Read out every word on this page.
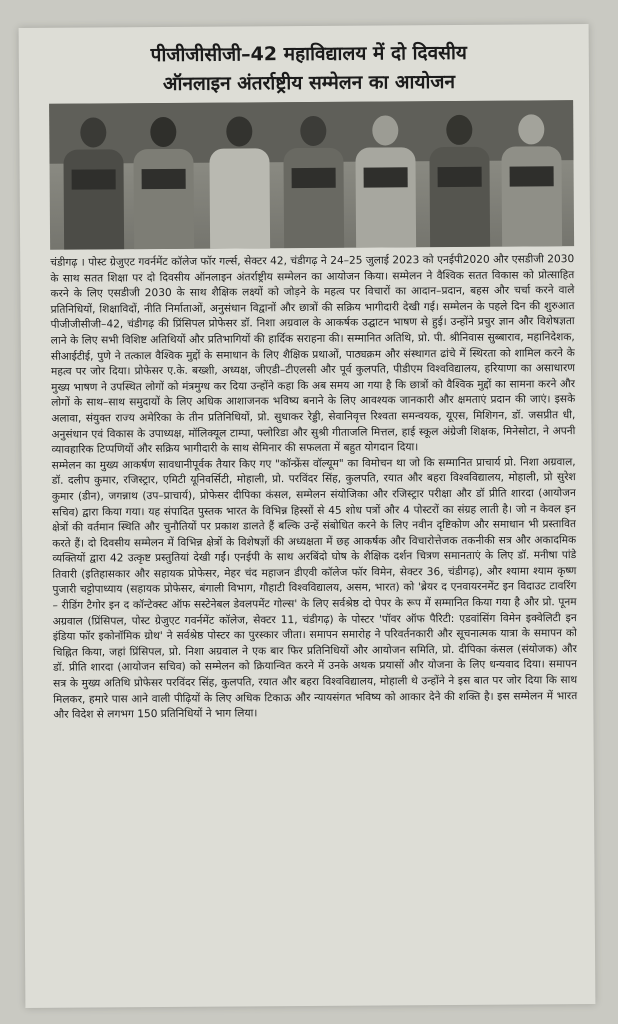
पीजीजीसीजी–42 महाविद्यालय में दो दिवसीय
ऑनलाइन अंतर्राष्ट्रीय सम्मेलन का आयोजन

चंडीगढ़ । पोस्ट ग्रेजुएट गवर्नमेंट कॉलेज फॉर गर्ल्स, सेक्टर 42, चंडीगढ़ ने 24–25 जुलाई 2023 को एनईपी2020 और एसडीजी 2030 के साथ सतत शिक्षा पर दो दिवसीय ऑनलाइन अंतर्राष्ट्रीय सम्मेलन का आयोजन किया। सम्मेलन ने वैश्विक सतत विकास को प्रोत्साहित करने के लिए एसडीजी 2030 के साथ शैक्षिक लक्ष्यों को जोड़ने के महत्व पर विचारों का आदान–प्रदान, बहस और चर्चा करने वाले प्रतिनिधियों, शिक्षाविदों, नीति निर्माताओं, अनुसंधान विद्वानों और छात्रों की सक्रिय भागीदारी देखी गई। सम्मेलन के पहले दिन की शुरुआत पीजीजीसीजी–42, चंडीगढ़ की प्रिंसिपल प्रोफेसर डॉ. निशा अग्रवाल के आकर्षक उद्घाटन भाषण से हुई। उन्होंने प्रचुर ज्ञान और विशेषज्ञता लाने के लिए सभी विशिष्ट अतिथियों और प्रतिभागियों की हार्दिक सराहना की। सम्मानित अतिथि, प्रो. पी. श्रीनिवास सुब्बाराव, महानिदेशक, सीआईटीई, पुणे ने तत्काल वैश्विक मुद्दों के समाधान के लिए शैक्षिक प्रथाओं, पाठ्यक्रम और संस्थागत ढांचे में स्थिरता को शामिल करने के महत्व पर जोर दिया। प्रोफेसर ए.के. बख्शी, अध्यक्ष, जीएडी–टीएलसी और पूर्व कुलपति, पीडीएम विश्वविद्यालय, हरियाणा का असाधारण मुख्य भाषण ने उपस्थित लोगों को मंत्रमुग्ध कर दिया उन्होंने कहा कि अब समय आ गया है कि छात्रों को वैश्विक मुद्दों का सामना करने और लोगों के साथ–साथ समुदायों के लिए अधिक आशाजनक भविष्य बनाने के लिए आवश्यक जानकारी और क्षमताएं प्रदान की जाएं। इसके अलावा, संयुक्त राज्य अमेरिका के तीन प्रतिनिधियों, प्रो. सुधाकर रेड्डी, सेवानिवृत्त रिश्वता समन्वयक, यूएस, मिशिगन, डॉ. जसप्रीत धी, अनुसंधान एवं विकास के उपाध्यक्ष, मॉलिक्यूल टाम्पा, फ्लोरिडा और सुश्री गीताजलि मित्तल, हाई स्कूल अंग्रेजी शिक्षक, मिनेसोटा, ने अपनी व्यावहारिक टिप्पणियों और सक्रिय भागीदारी के साथ सेमिनार की सफलता में बहुत योगदान दिया।

सम्मेलन का मुख्य आकर्षण सावधानीपूर्वक तैयार किए गए "कॉन्फ्रेंस वॉल्यूम" का विमोचन था जो कि सम्मानित प्राचार्य प्रो. निशा अग्रवाल, डॉ. दलीप कुमार, रजिस्ट्रार, एमिटी यूनिवर्सिटी, मोहाली, प्रो. परविंदर सिंह, कुलपति, रयात और बहरा विश्वविद्यालय, मोहाली, प्रो सुरेश कुमार (डीन), जगन्नाथ (उप–प्राचार्य), प्रोफेसर दीपिका कंसल, सम्मेलन संयोजिका और रजिस्ट्रार परीक्षा और डॉ प्रीति शारदा (आयोजन सचिव) द्वारा किया गया। यह संपादित पुस्तक भारत के विभिन्न हिस्सों से 45 शोध पत्रों और 4 पोस्टरों का संग्रह लाती है। जो न केवल इन क्षेत्रों की वर्तमान स्थिति और चुनौतियों पर प्रकाश डालते हैं बल्कि उन्हें संबोधित करने के लिए नवीन दृष्टिकोण और समाधान भी प्रस्तावित करते हैं। दो दिवसीय सम्मेलन में विभिन्न क्षेत्रों के विशेषज्ञों की अध्यक्षता में छह आकर्षक और विचारोत्तेजक तकनीकी सत्र और अकादमिक व्यक्तियों द्वारा 42 उत्कृष्ट प्रस्तुतियां देखी गईं। एनईपी के साथ अरबिंदो घोष के शैक्षिक दर्शन चित्रण समानताएं के लिए डॉ. मनीषा पांडे तिवारी (इतिहासकार और सहायक प्रोफेसर, मेहर चंद महाजन डीएवी कॉलेज फॉर विमेन, सेक्टर 36, चंडीगढ़), और श्यामा श्याम कृष्ण पुजारी चट्टोपाध्याय (सहायक प्रोफेसर, बंगाली विभाग, गौहाटी विश्वविद्यालय, असम, भारत) को 'ब्रेयर द एनवायरनमेंट इन विदाउट टावरिंग – रीडिंग टैगोर इन द कॉन्टेक्स्ट ऑफ सस्टेनेबल डेवलपमेंट गोल्स' के लिए सर्वश्रेष्ठ दो पेपर के रूप में सम्मानित किया गया है और प्रो. पूनम अग्रवाल (प्रिंसिपल, पोस्ट ग्रेजुएट गवर्नमेंट कॉलेज, सेक्टर 11, चंडीगढ़) के पोस्टर 'पॉवर ऑफ पैरिटी: एडवांसिंग विमेन इक्वेलिटी इन इंडिया फॉर इकोनॉमिक ग्रोथ' ने सर्वश्रेष्ठ पोस्टर का पुरस्कार जीता। समापन समारोह ने परिवर्तनकारी और सूचनात्मक यात्रा के समापन को चिह्नित किया, जहां प्रिंसिपल, प्रो. निशा अग्रवाल ने एक बार फिर प्रतिनिधियों और आयोजन समिति, प्रो. दीपिका कंसल (संयोजक) और डॉ. प्रीति शारदा (आयोजन सचिव) को सम्मेलन को क्रियान्वित करने में उनके अथक प्रयासों और योजना के लिए धन्यवाद दिया। समापन सत्र के मुख्य अतिथि प्रोफेसर परविंदर सिंह, कुलपति, रयात और बहरा विश्वविद्यालय, मोहाली थे उन्होंने ने इस बात पर जोर दिया कि साथ मिलकर, हमारे पास आने वाली पीढ़ियों के लिए अधिक टिकाऊ और न्यायसंगत भविष्य को आकार देने की शक्ति है। इस सम्मेलन में भारत और विदेश से लगभग 150 प्रतिनिधियों ने भाग लिया।
